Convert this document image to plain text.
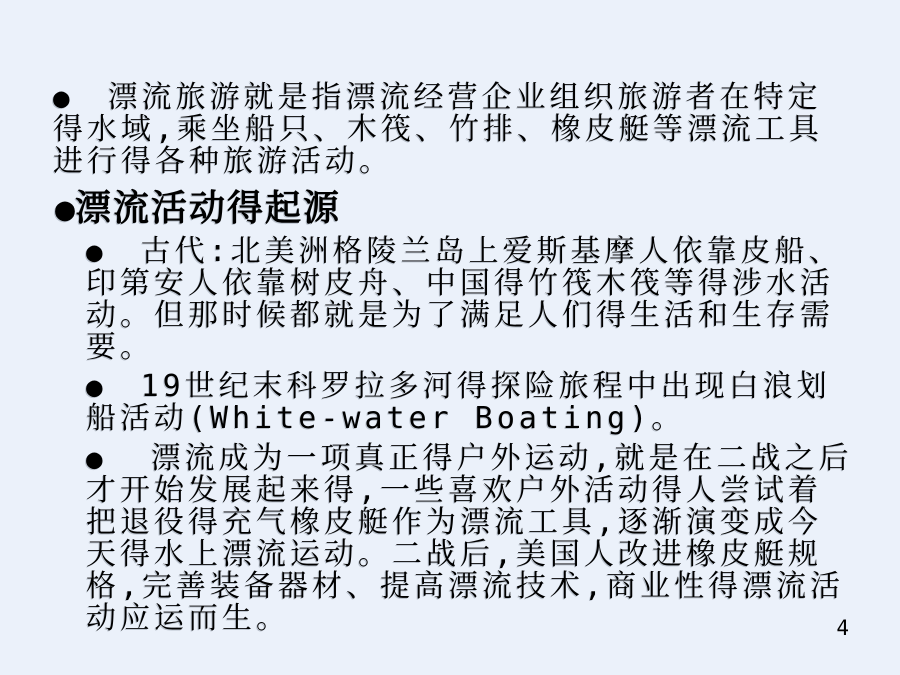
● 漂流旅游就是指漂流经营企业组织旅游者在特定得水域,乘坐船只、木筏、竹排、橡皮艇等漂流工具进行得各种旅游活动。

●漂流活动得起源

● 古代:北美洲格陵兰岛上爱斯基摩人依靠皮船、印第安人依靠树皮舟、中国得竹筏木筏等得涉水活动。但那时候都就是为了满足人们得生活和生存需要。

● 19世纪末科罗拉多河得探险旅程中出现白浪划船活动(White-water Boating)。

● 漂流成为一项真正得户外运动,就是在二战之后才开始发展起来得,一些喜欢户外活动得人尝试着把退役得充气橡皮艇作为漂流工具,逐渐演变成今天得水上漂流运动。二战后,美国人改进橡皮艇规格,完善装备器材、提高漂流技术,商业性得漂流活动应运而生。	4
